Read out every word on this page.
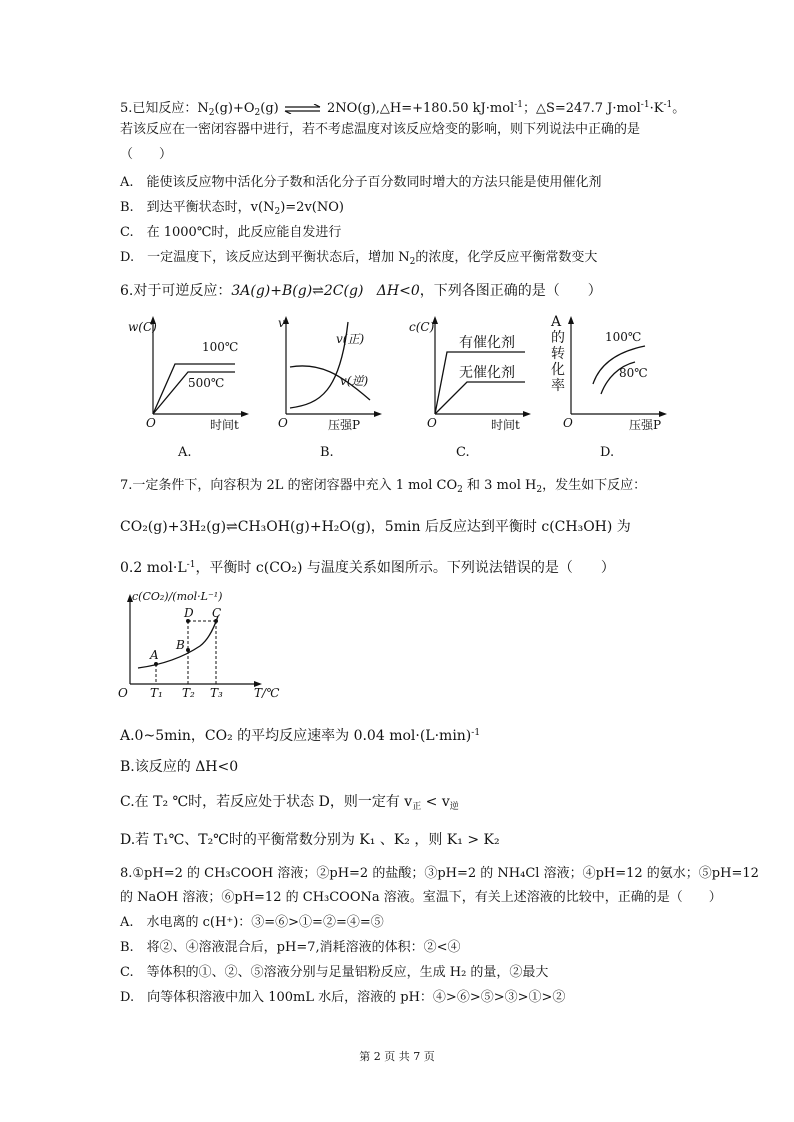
5.已知反应：$N_2(g)+O_2(g)$ ⇌ 2NO(g),△H=+180.50 kJ·mol$^{-1}$；△S=247.7 $J\cdot mol^{-1}\cdot K^{-1}$。
若该反应在一密闭容器中进行，若不考虑温度对该反应焓变的影响，则下列说法中正确的是
（　　）
A.　能使该反应物中活化分子数和活化分子百分数同时增大的方法只能是使用催化剂
B.　到达平衡状态时，$v(N_2)=2v(NO)$
C.　在 1000℃时，此反应能自发进行
D.　一定温度下，该反应达到平衡状态后，增加 $N_2$的浓度，化学反应平衡常数变大
6.对于可逆反应：3A(g)+B(g)⇌2C(g) ΔH<0，下列各图正确的是（　　）
w(C)
O	时间t
100℃
500℃
A.
v
O	压强P
v(正)
v(逆)
B.
c(C)
O	时间t
有催化剂
无催化剂
C.
A的转化率
O	压强P
100℃
80℃
D.
7.一定条件下，向容积为 2L 的密闭容器中充入 1 mol $CO_2$ 和 3 mol $H_2$，发生如下反应：
CO₂(g)+3H₂(g)⇌CH₃OH(g)+H₂O(g)，5min 后反应达到平衡时 c(CH₃OH) 为
0.2 $mol\cdot L^{-1}$，平衡时 c(CO₂) 与温度关系如图所示。下列说法错误的是（　　）
c(CO₂)/(mol·L⁻¹)
O	T/℃
T₁ T₂ T₃
A
B
D C
A.0~5min，CO₂ 的平均反应速率为 0.04 $mol\cdot(L\cdot\min)^{-1}$
B.该反应的 ΔH<0
C.在 T₂ ℃时，若反应处于状态 D，则一定有 $v_正 < v_逆$
D.若 T₁℃、T₂℃时的平衡常数分别为 K₁ 、K₂ ，则 K₁ > K₂
8.①pH=2 的 CH₃COOH 溶液；②pH=2 的盐酸；③pH=2 的 NH₄Cl 溶液；④pH=12 的氨水；⑤pH=12
的 NaOH 溶液；⑥pH=12 的 CH₃COONa 溶液。室温下，有关上述溶液的比较中，正确的是（　　）
A.　水电离的 c(H⁺)：③=⑥>①=②=④=⑤
B.　将②、④溶液混合后，pH=7,消耗溶液的体积：②<④
C.　等体积的①、②、⑤溶液分别与足量铝粉反应，生成 H₂ 的量，②最大
D.　向等体积溶液中加入 100mL 水后，溶液的 pH：④>⑥>⑤>③>①>②
第 2 页 共 7 页
